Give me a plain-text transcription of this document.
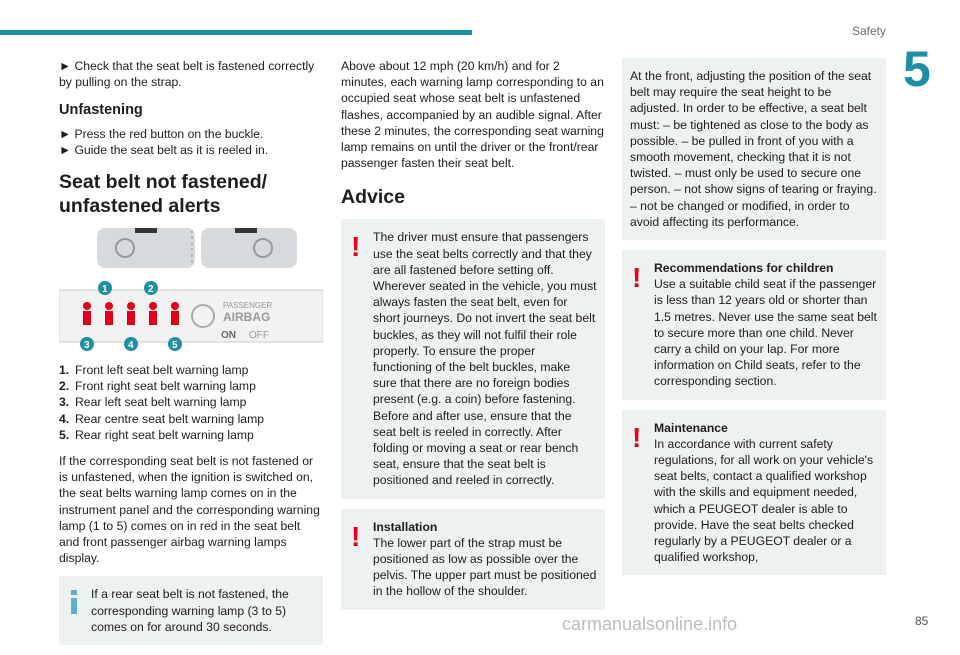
Safety
5

► Check that the seat belt is fastened correctly by pulling on the strap.

Unfastening
► Press the red button on the buckle.
► Guide the seat belt as it is reeled in.
Seat belt not fastened/ unfastened alerts
PASSENGER
AIRBAG
ON OFF
1	2
3	4	5
1. Front left seat belt warning lamp
2. Front right seat belt warning lamp
3. Rear left seat belt warning lamp
4. Rear centre seat belt warning lamp
5. Rear right seat belt warning lamp

If the corresponding seat belt is not fastened or is unfastened, when the ignition is switched on, the seat belts warning lamp comes on in the instrument panel and the corresponding warning lamp (1 to 5) comes on in red in the seat belt and front passenger airbag warning lamps display.

If a rear seat belt is not fastened, the corresponding warning lamp (3 to 5) comes on for around 30 seconds.

Above about 12 mph (20 km/h) and for 2 minutes, each warning lamp corresponding to an occupied seat whose seat belt is unfastened flashes, accompanied by an audible signal. After these 2 minutes, the corresponding seat warning lamp remains on until the driver or the front/rear passenger fasten their seat belt.

Advice
!	The driver must ensure that passengers use the seat belts correctly and that they are all fastened before setting off. Wherever seated in the vehicle, you must always fasten the seat belt, even for short journeys. Do not invert the seat belt buckles, as they will not fulfil their role properly. To ensure the proper functioning of the belt buckles, make sure that there are no foreign bodies present (e.g. a coin) before fastening. Before and after use, ensure that the seat belt is reeled in correctly. After folding or moving a seat or rear bench seat, ensure that the seat belt is positioned and reeled in correctly.
!	Installation
The lower part of the strap must be positioned as low as possible over the pelvis. The upper part must be positioned in the hollow of the shoulder.
At the front, adjusting the position of the seat belt may require the seat height to be adjusted. In order to be effective, a seat belt must: – be tightened as close to the body as possible. – be pulled in front of you with a smooth movement, checking that it is not twisted. – must only be used to secure one person. – not show signs of tearing or fraying. – not be changed or modified, in order to avoid affecting its performance.
!	Recommendations for children
Use a suitable child seat if the passenger is less than 12 years old or shorter than 1.5 metres. Never use the same seat belt to secure more than one child. Never carry a child on your lap. For more information on Child seats, refer to the corresponding section.
!	Maintenance
In accordance with current safety regulations, for all work on your vehicle's seat belts, contact a qualified workshop with the skills and equipment needed, which a PEUGEOT dealer is able to provide. Have the seat belts checked regularly by a PEUGEOT dealer or a qualified workshop,
carmanualsonline.info	85
